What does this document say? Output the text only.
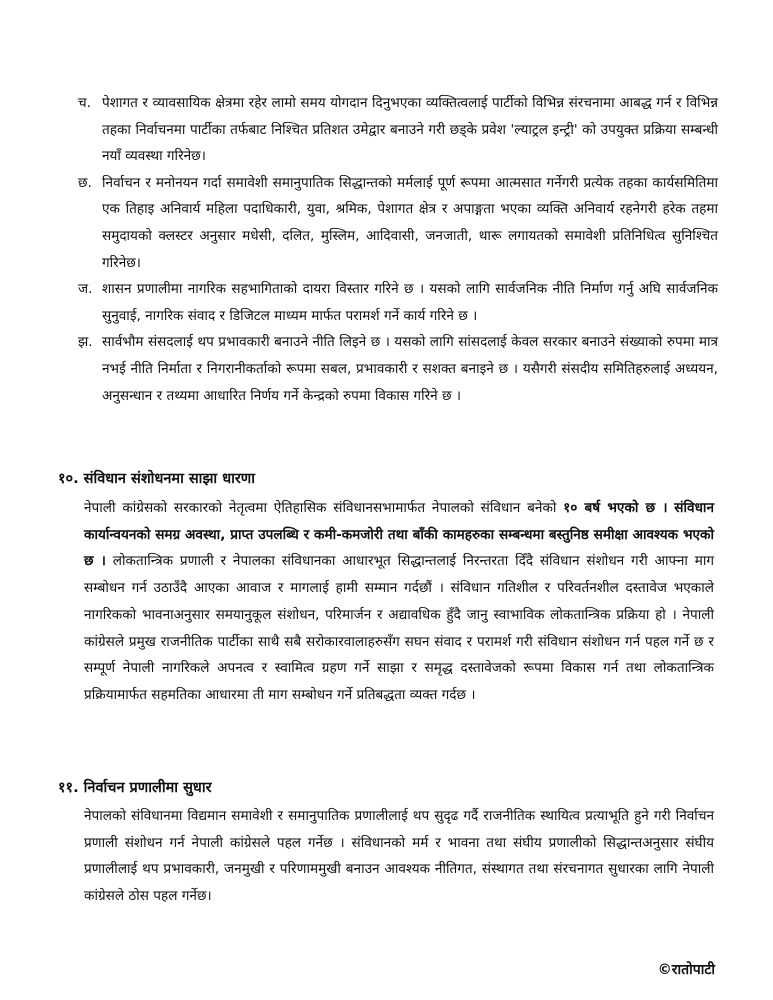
च. पेशागत र व्यावसायिक क्षेत्रमा रहेर लामो समय योगदान दिनुभएका व्यक्तित्वलाई पार्टीको विभिन्न संरचनामा आबद्ध गर्न र विभिन्न तहका निर्वाचनमा पार्टीका तर्फबाट निश्चित प्रतिशत उमेद्वार बनाउने गरी छड्के प्रवेश 'ल्याट्रल इन्ट्री' को उपयुक्त प्रक्रिया सम्बन्धी नयाँ व्यवस्था गरिनेछ।
छ. निर्वाचन र मनोनयन गर्दा समावेशी समानुपातिक सिद्धान्तको मर्मलाई पूर्ण रूपमा आत्मसात गर्नेगरी प्रत्येक तहका कार्यसमितिमा एक तिहाइ अनिवार्य महिला पदाधिकारी, युवा, श्रमिक, पेशागत क्षेत्र र अपाङ्गता भएका व्यक्ति अनिवार्य रहनेगरी हरेक तहमा समुदायको क्लस्टर अनुसार मधेसी, दलित, मुस्लिम, आदिवासी, जनजाती, थारू लगायतको समावेशी प्रतिनिधित्व सुनिश्चित गरिनेछ।
ज. शासन प्रणालीमा नागरिक सहभागिताको दायरा विस्तार गरिने छ । यसको लागि सार्वजनिक नीति निर्माण गर्नु अघि सार्वजनिक सुनुवाई, नागरिक संवाद र डिजिटल माध्यम मार्फत परामर्श गर्ने कार्य गरिने छ ।
झ. सार्वभौम संसदलाई थप प्रभावकारी बनाउने नीति लिइने छ । यसको लागि सांसदलाई केवल सरकार बनाउने संख्याको रुपमा मात्र नभई नीति निर्माता र निगरानीकर्ताको रूपमा सबल, प्रभावकारी र सशक्त बनाइने छ । यसैगरी संसदीय समितिहरुलाई अध्ययन, अनुसन्धान र तथ्यमा आधारित निर्णय गर्ने केन्द्रको रुपमा विकास गरिने छ ।
१०. संविधान संशोधनमा साझा धारणा
नेपाली कांग्रेसको सरकारको नेतृत्वमा ऐतिहासिक संविधानसभामार्फत नेपालको संविधान बनेको १० बर्ष भएको छ । संविधान कार्यान्वयनको समग्र अवस्था, प्राप्त उपलब्धि र कमी-कमजोरी तथा बाँकी कामहरुका सम्बन्धमा बस्तुनिष्ठ समीक्षा आवश्यक भएको छ । लोकतान्त्रिक प्रणाली र नेपालका संविधानका आधारभूत सिद्धान्तलाई निरन्तरता दिँदै संविधान संशोधन गरी आफ्ना माग सम्बोधन गर्न उठाउँदै आएका आवाज र मागलाई हामी सम्मान गर्दछौं । संविधान गतिशील र परिवर्तनशील दस्तावेज भएकाले नागरिकको भावनाअनुसार समयानुकूल संशोधन, परिमार्जन र अद्यावधिक हुँदै जानु स्वाभाविक लोकतान्त्रिक प्रक्रिया हो । नेपाली कांग्रेसले प्रमुख राजनीतिक पार्टीका साथै सबै सरोकारवालाहरुसँग सघन संवाद र परामर्श गरी संविधान संशोधन गर्न पहल गर्ने छ र सम्पूर्ण नेपाली नागरिकले अपनत्व र स्वामित्व ग्रहण गर्ने साझा र समृद्ध दस्तावेजको रूपमा विकास गर्न तथा लोकतान्त्रिक प्रक्रियामार्फत सहमतिका आधारमा ती माग सम्बोधन गर्ने प्रतिबद्धता व्यक्त गर्दछ ।
११. निर्वाचन प्रणालीमा सुधार
नेपालको संविधानमा विद्यमान समावेशी र समानुपातिक प्रणालीलाई थप सुदृढ गर्दै राजनीतिक स्थायित्व प्रत्याभूति हुने गरी निर्वाचन प्रणाली संशोधन गर्न नेपाली कांग्रेसले पहल गर्नेछ । संविधानको मर्म र भावना तथा संघीय प्रणालीको सिद्धान्तअनुसार संघीय प्रणालीलाई थप प्रभावकारी, जनमुखी र परिणाममुखी बनाउन आवश्यक नीतिगत, संस्थागत तथा संरचनागत सुधारका लागि नेपाली कांग्रेसले ठोस पहल गर्नेछ।
©रातोपाटी
